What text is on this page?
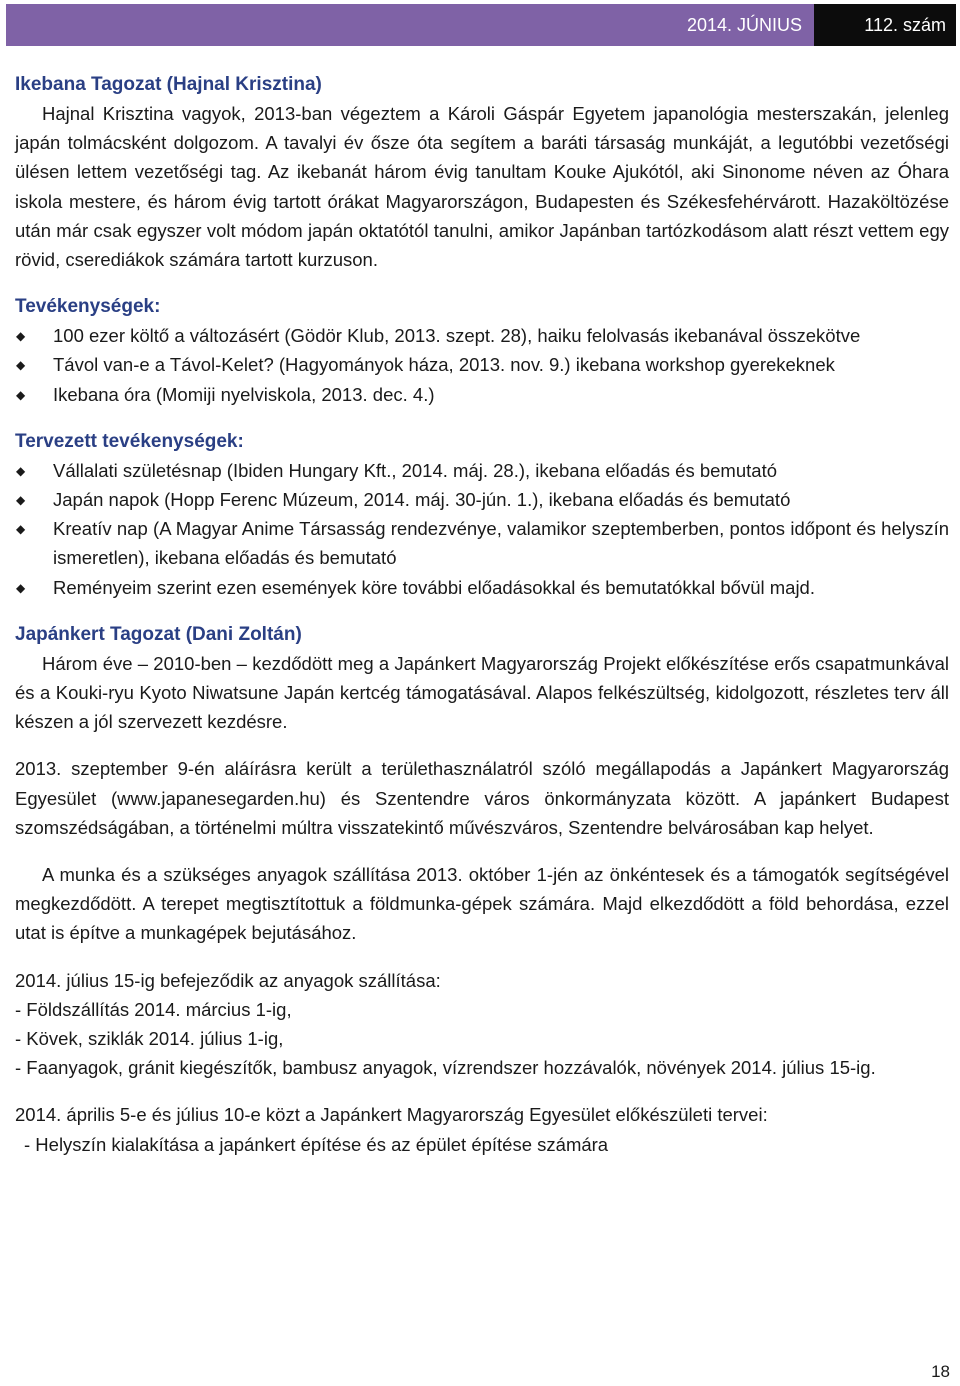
2014. JÚNIUS	112. szám
Ikebana Tagozat (Hajnal Krisztina)

Hajnal Krisztina vagyok, 2013-ban végeztem a Károli Gáspár Egyetem japanológia mesterszakán, jelenleg japán tolmácsként dolgozom. A tavalyi év ősze óta segítem a baráti társaság munkáját, a legutóbbi vezetőségi ülésen lettem vezetőségi tag. Az ikebanát három évig tanultam Kouke Ajukótól, aki Sinonome néven az Óhara iskola mestere, és három évig tartott órákat Magyarországon, Budapesten és Székesfehérvárott. Hazaköltözése után már csak egyszer volt módom japán oktatótól tanulni, amikor Japánban tartózkodásom alatt részt vettem egy rövid, cserediákok számára tartott kurzuson.

Tevékenységek:
◆ 100 ezer költő a változásért (Gödör Klub, 2013. szept. 28), haiku felolvasás ikebanával összekötve
◆ Távol van-e a Távol-Kelet? (Hagyományok háza, 2013. nov. 9.) ikebana workshop gyerekeknek
◆ Ikebana óra (Momiji nyelviskola, 2013. dec. 4.)
Tervezett tevékenységek:
◆ Vállalati születésnap (Ibiden Hungary Kft., 2014. máj. 28.), ikebana előadás és bemutató
◆ Japán napok (Hopp Ferenc Múzeum, 2014. máj. 30-jún. 1.), ikebana előadás és bemutató
◆ Kreatív nap (A Magyar Anime Társasság rendezvénye, valamikor szeptemberben, pontos időpont és helyszín ismeretlen), ikebana előadás és bemutató
◆ Reményeim szerint ezen események köre további előadásokkal és bemutatókkal bővül majd.
Japánkert Tagozat (Dani Zoltán)

Három éve – 2010-ben – kezdődött meg a Japánkert Magyarország Projekt előkészítése erős csapatmunkával és a Kouki-ryu Kyoto Niwatsune Japán kertcég támogatásával. Alapos felkészültség, kidolgozott, részletes terv áll készen a jól szervezett kezdésre.

2013. szeptember 9-én aláírásra került a területhasználatról szóló megállapodás a Japánkert Magyarország Egyesület (www.japanesegarden.hu) és Szentendre város önkormányzata között. A japánkert Budapest szomszédságában, a történelmi múltra visszatekintő művészváros, Szentendre belvárosában kap helyet.

A munka és a szükséges anyagok szállítása 2013. október 1-jén az önkéntesek és a támogatók segítségével megkezdődött. A terepet megtisztítottuk a földmunka-gépek számára. Majd elkezdődött a föld behordása, ezzel utat is építve a munkagépek bejutásához.

2014. július 15-ig befejeződik az anyagok szállítása:

- Földszállítás 2014. március 1-ig,

- Kövek, sziklák 2014. július 1-ig,

- Faanyagok, gránit kiegészítők, bambusz anyagok, vízrendszer hozzávalók, növények 2014. július 15-ig.

2014. április 5-e és július 10-e közt a Japánkert Magyarország Egyesület előkészületi tervei:

- Helyszín kialakítása a japánkert építése és az épület építése számára

18
